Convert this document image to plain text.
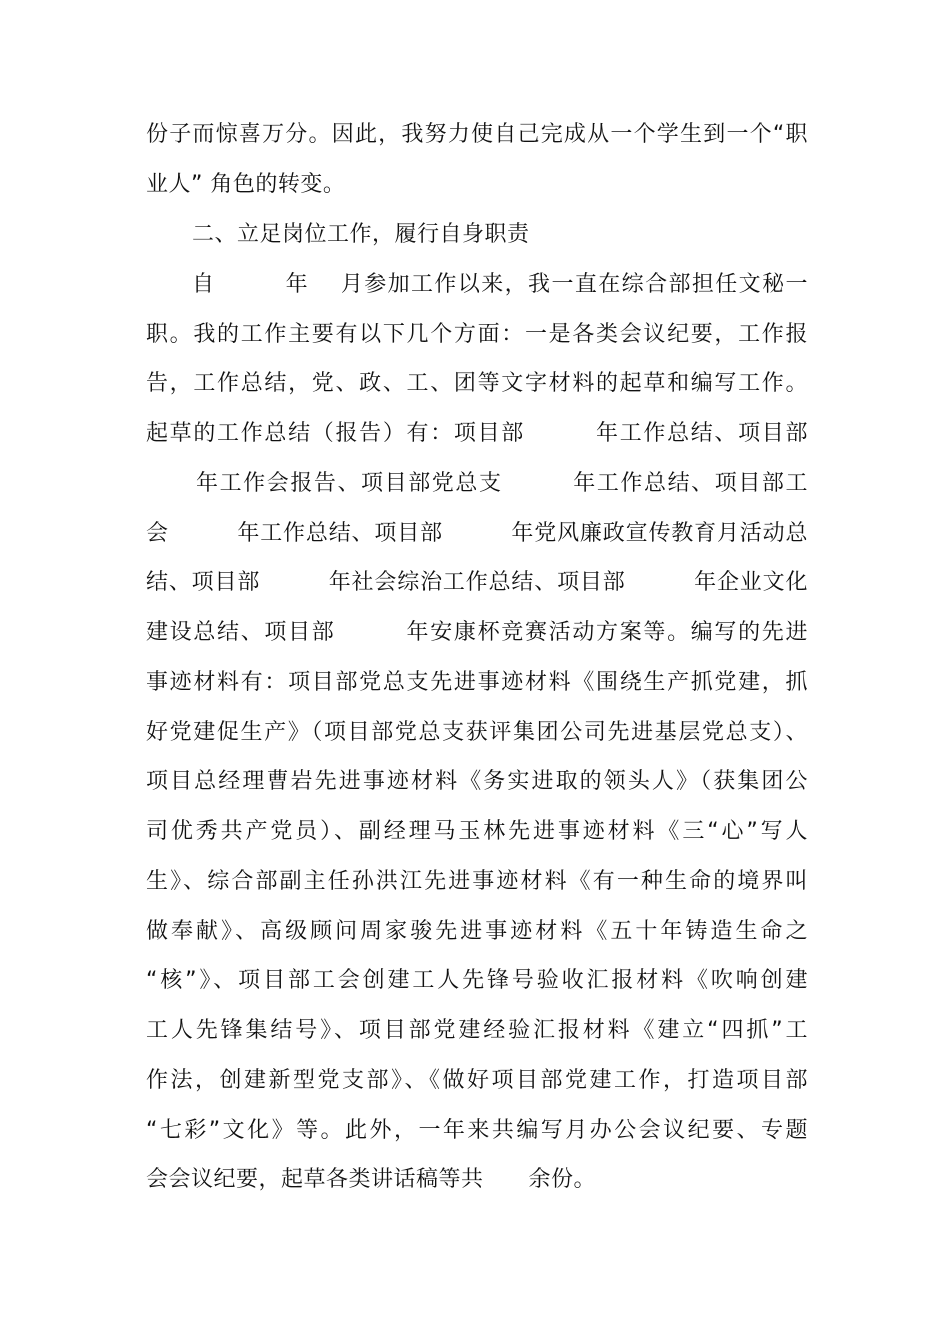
份子而惊喜万分。因此，我努力使自己完成从一个学生到一个“职
业人” 角色的转变。
二、立足岗位工作，履行自身职责
自　　　年　 月参加工作以来，我一直在综合部担任文秘一
职。我的工作主要有以下几个方面：一是各类会议纪要，工作报
告，工作总结，党、政、工、团等文字材料的起草和编写工作。
起草的工作总结（报告）有：项目部　　　年工作总结、项目部
年工作会报告、项目部党总支　　　年工作总结、项目部工
会　　　年工作总结、项目部　　　年党风廉政宣传教育月活动总
结、项目部　　　年社会综治工作总结、项目部　　　年企业文化
建设总结、项目部　　　年安康杯竞赛活动方案等。编写的先进
事迹材料有：项目部党总支先进事迹材料《围绕生产抓党建，抓
好党建促生产》（项目部党总支获评集团公司先进基层党总支）、
项目总经理曹岩先进事迹材料《务实进取的领头人》（获集团公
司优秀共产党员）、副经理马玉林先进事迹材料《三“心”写人
生》、综合部副主任孙洪江先进事迹材料《有一种生命的境界叫
做奉献》、高级顾问周家骏先进事迹材料《五十年铸造生命之
“核”》、项目部工会创建工人先锋号验收汇报材料《吹响创建
工人先锋集结号》、项目部党建经验汇报材料《建立“四抓”工
作法，创建新型党支部》、《做好项目部党建工作，打造项目部
“七彩”文化》等。此外，一年来共编写月办公会议纪要、专题
会会议纪要，起草各类讲话稿等共　　余份。
